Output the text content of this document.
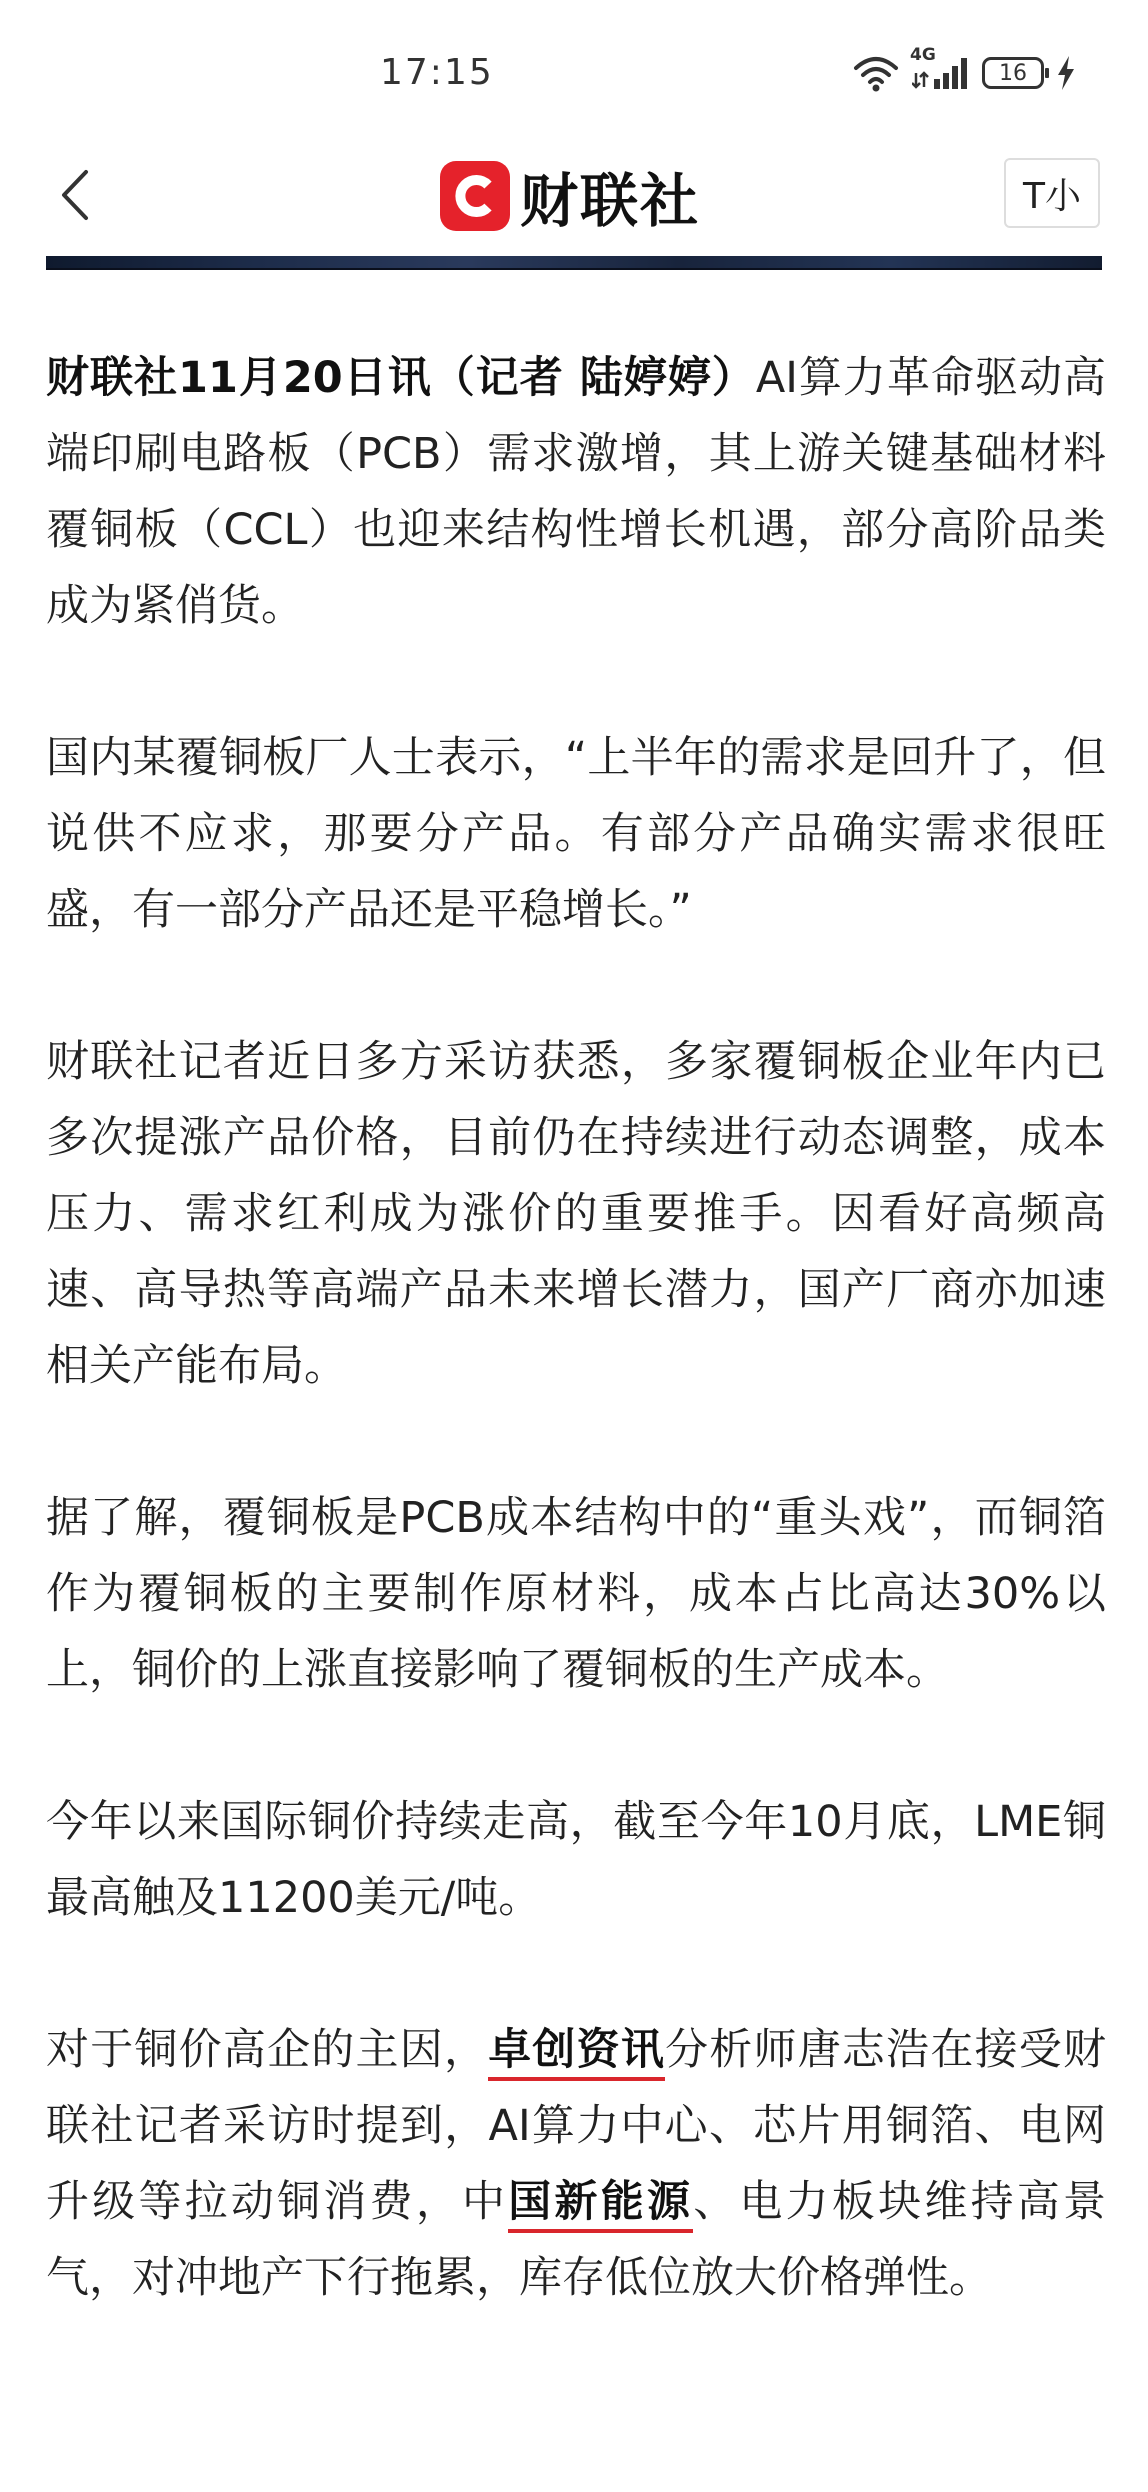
17:15	4G
16
财联社	T小

财联社11月20日讯（记者 陆婷婷）AI算力革命驱动高端印刷电路板（PCB）需求激增，其上游关键基础材料覆铜板（CCL）也迎来结构性增长机遇，部分高阶品类成为紧俏货。

国内某覆铜板厂人士表示，“上半年的需求是回升了，但说供不应求，那要分产品。有部分产品确实需求很旺盛，有一部分产品还是平稳增长。”

财联社记者近日多方采访获悉，多家覆铜板企业年内已多次提涨产品价格，目前仍在持续进行动态调整，成本压力、需求红利成为涨价的重要推手。因看好高频高速、高导热等高端产品未来增长潜力，国产厂商亦加速相关产能布局。

据了解，覆铜板是PCB成本结构中的“重头戏”，而铜箔作为覆铜板的主要制作原材料，成本占比高达30%以上，铜价的上涨直接影响了覆铜板的生产成本。

今年以来国际铜价持续走高，截至今年10月底，LME铜最高触及11200美元/吨。

对于铜价高企的主因，卓创资讯分析师唐志浩在接受财联社记者采访时提到，AI算力中心、芯片用铜箔、电网升级等拉动铜消费，中国新能源、电力板块维持高景气，对冲地产下行拖累，库存低位放大价格弹性。
